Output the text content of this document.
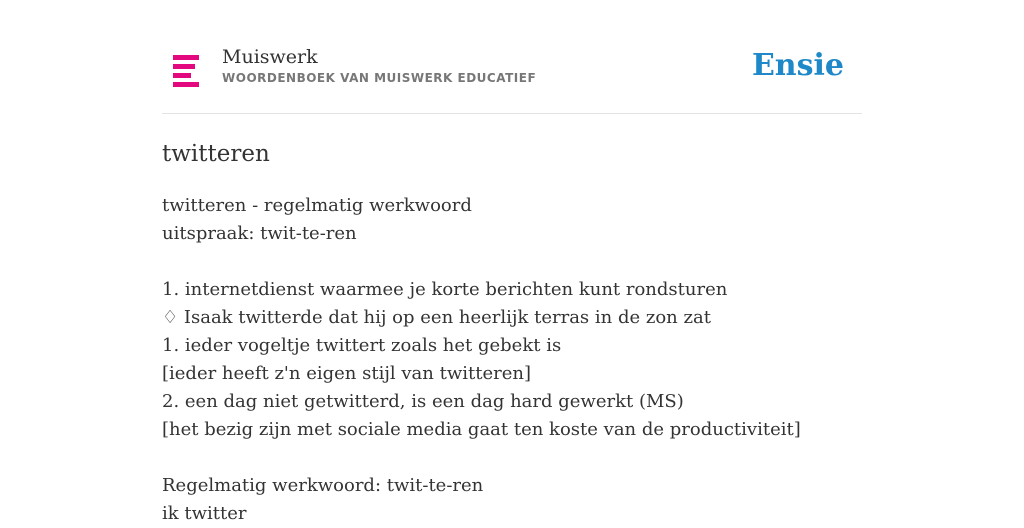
Muiswerk
WOORDENBOEK VAN MUISWERK EDUCATIEF	Ensie
twitteren
twitteren - regelmatig werkwoord
uitspraak: twit-te-ren
1. internetdienst waarmee je korte berichten kunt rondsturen
♢ Isaak twitterde dat hij op een heerlijk terras in de zon zat
1. ieder vogeltje twittert zoals het gebekt is
[ieder heeft z'n eigen stijl van twitteren]
2. een dag niet getwitterd, is een dag hard gewerkt (MS)
[het bezig zijn met sociale media gaat ten koste van de productiviteit]
Regelmatig werkwoord: twit-te-ren
ik twitter
